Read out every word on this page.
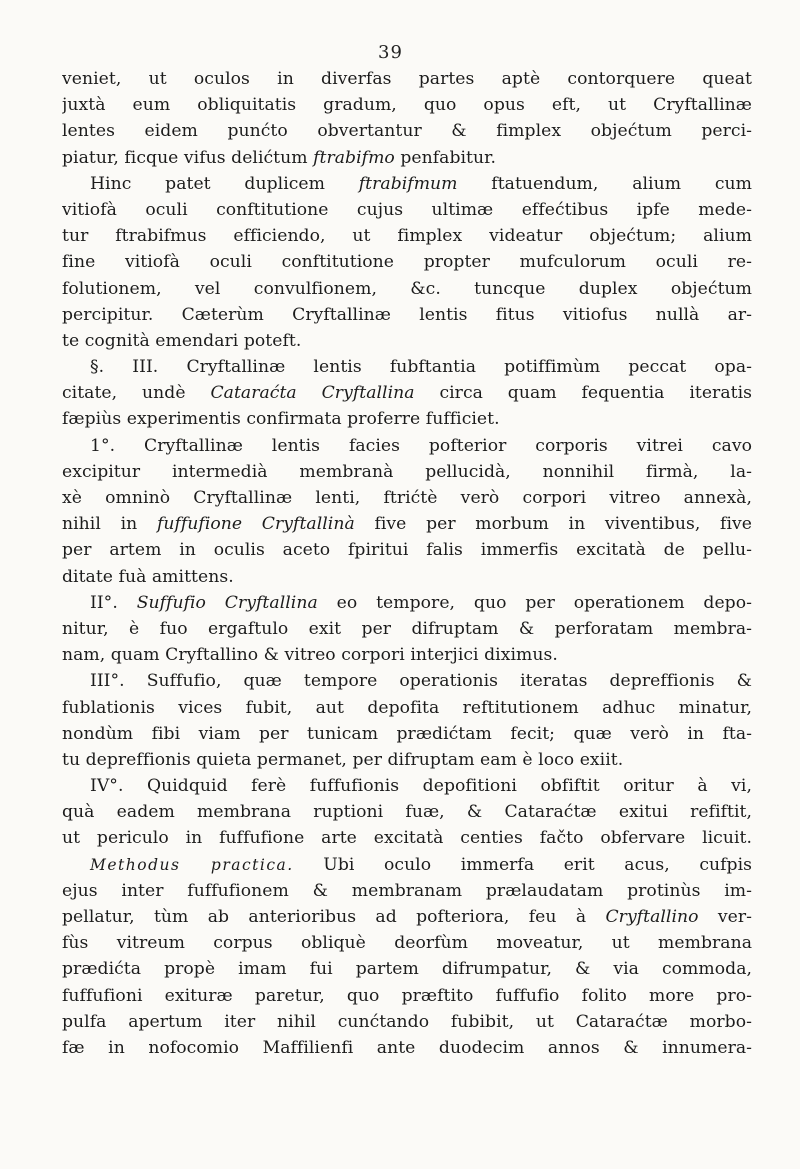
39
veniet, ut oculos in diverfas partes aptè contorquere queat
juxtà eum obliquitatis gradum, quo opus eft, ut Cryftallinæ
lentes eidem punćto obvertantur & fimplex objećtum perci-
piatur, ficque vifus delićtum ftrabifmo penfabitur.
Hinc patet duplicem ftrabifmum ftatuendum, alium cum
vitiofà oculi conftitutione cujus ultimæ effećtibus ipfe mede-
tur ftrabifmus efficiendo, ut fimplex videatur objećtum; alium
fine vitiofà oculi conftitutione propter mufculorum oculi re-
folutionem, vel convulfionem, &c. tuncque duplex objećtum
percipitur. Cæterùm Cryftallinæ lentis fitus vitiofus nullà ar-
te cognità emendari poteft.
§. III. Cryftallinæ lentis fubftantia potiffimùm peccat opa-
citate, undè Cataraćta Cryftallina circa quam fequentia iteratis
fæpiùs experimentis confirmata proferre fufficiet.
1°. Cryftallinæ lentis facies pofterior corporis vitrei cavo
excipitur intermedià membranà pellucidà, nonnihil firmà, la-
xè omninò Cryftallinæ lenti, ftrićtè verò corpori vitreo annexà,
nihil in fuffufione Cryftallinà five per morbum in viventibus, five
per artem in oculis aceto fpiritui falis immerfis excitatà de pellu-
ditate fuà amittens.
II°. Suffufio Cryftallina eo tempore, quo per operationem depo-
nitur, è fuo ergaftulo exit per difruptam & perforatam membra-
nam, quam Cryftallino & vitreo corpori interjici diximus.
III°. Suffufio, quæ tempore operationis iteratas depreffionis &
fublationis vices fubit, aut depofita reftitutionem adhuc minatur,
nondùm fibi viam per tunicam prædićtam fecit; quæ verò in fta-
tu depreffionis quieta permanet, per difruptam eam è loco exiit.
IV°. Quidquid ferè fuffufionis depofitioni obfiftit oritur à vi,
quà eadem membrana ruptioni fuæ, & Cataraćtæ exitui refiftit,
ut periculo in fuffufione arte excitatà centies fačto obfervare licuit.
Methodus practica. Ubi oculo immerfa erit acus, cufpis
ejus inter fuffufionem & membranam prælaudatam protinùs im-
pellatur, tùm ab anterioribus ad pofteriora, feu à Cryftallino ver-
fùs vitreum corpus obliquè deorfùm moveatur, ut membrana
prædićta propè imam fui partem difrumpatur, & via commoda,
fuffufioni exituræ paretur, quo præftito fuffufio folito more pro-
pulfa apertum iter nihil cunćtando fubibit, ut Cataraćtæ morbo-
fæ in nofocomio Maffilienfi ante duodecim annos & innumera-
